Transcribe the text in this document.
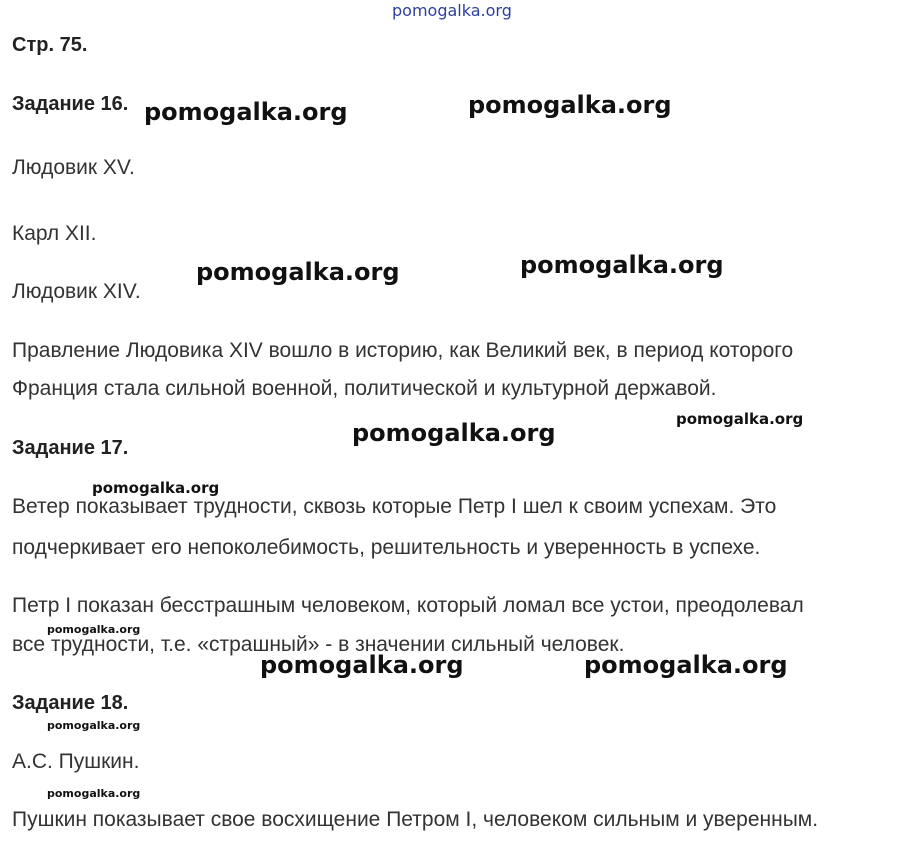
pomogalka.org
Стр. 75.
Задание 16.
Людовик XV.
Карл XII.
Людовик XIV.
Правление Людовика XIV вошло в историю, как Великий век, в период которого
Франция стала сильной военной, политической и культурной державой.
Задание 17.
Ветер показывает трудности, сквозь которые Петр I шел к своим успехам. Это
подчеркивает его непоколебимость, решительность и уверенность в успехе.
Петр I показан бесстрашным человеком, который ломал все устои, преодолевал
все трудности, т.е. «страшный» - в значении сильный человек.
Задание 18.
А.С. Пушкин.
Пушкин показывает свое восхищение Петром I, человеком сильным и уверенным.
pomogalka.org	pomogalka.org
pomogalka.org	pomogalka.org
pomogalka.org	pomogalka.org
pomogalka.org
pomogalka.org
pomogalka.org	pomogalka.org
pomogalka.org
pomogalka.org
